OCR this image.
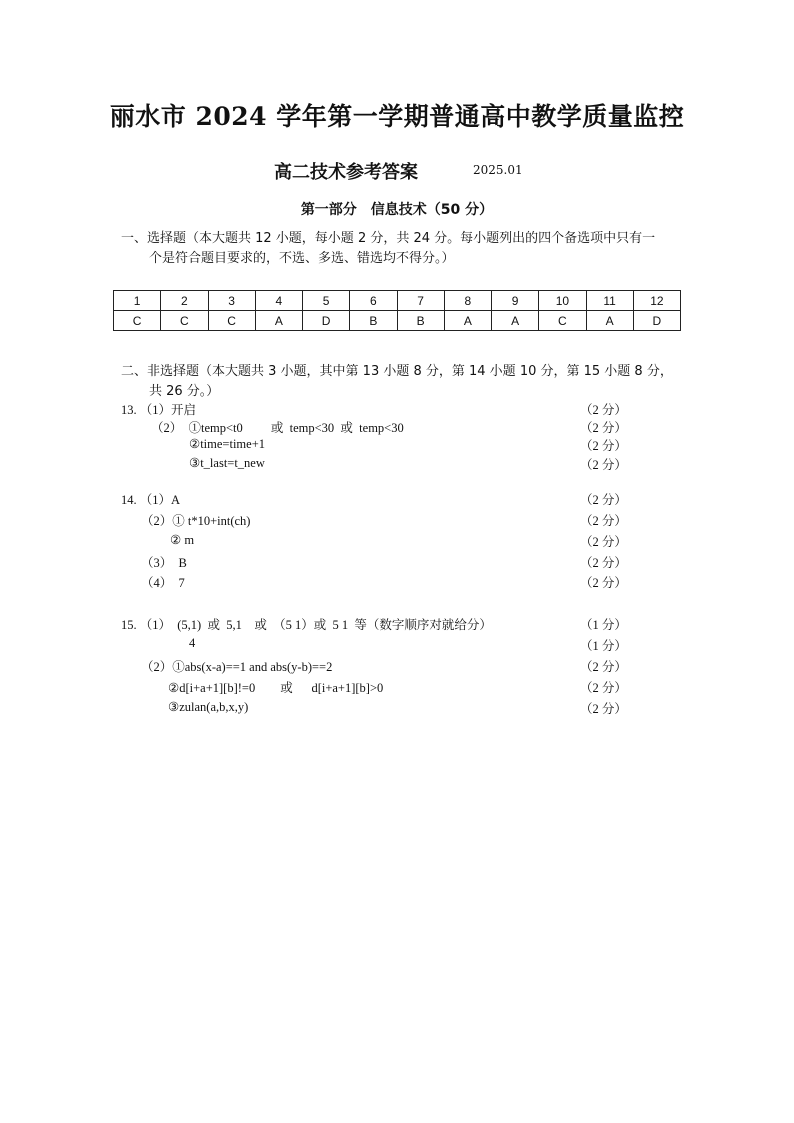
丽水市 2024 学年第一学期普通高中教学质量监控
高二技术参考答案	2025.01
第一部分　信息技术（50 分）
一、选择题（本大题共 12 小题，每小题 2 分，共 24 分。每小题列出的四个备选项中只有一
个是符合题目要求的，不选、多选、错选均不得分。）
1	2	3	4	5	6	7	8	9	10	11	12
C	C	C	A	D	B	B	A	A	C	A	D
二、非选择题（本大题共 3 小题，其中第 13 小题 8 分，第 14 小题 10 分，第 15 小题 8 分，
共 26 分。）
13. （1）开启	（2 分）
（2）  ①temp<t0         或  temp<30  或  temp<30	（2 分）
②time=time+1	（2 分）
③t_last=t_new	（2 分）
14. （1）A	（2 分）
（2）① t*10+int(ch)	（2 分）
② m	（2 分）
（3）  B	（2 分）
（4）  7	（2 分）
15. （1）  (5,1)  或  5,1    或  （5 1）或  5 1  等（数字顺序对就给分）	（1 分）
4	（1 分）
（2）①abs(x-a)==1 and abs(y-b)==2	（2 分）
②d[i+a+1][b]!=0        或      d[i+a+1][b]>0	（2 分）
③zulan(a,b,x,y)	（2 分）
